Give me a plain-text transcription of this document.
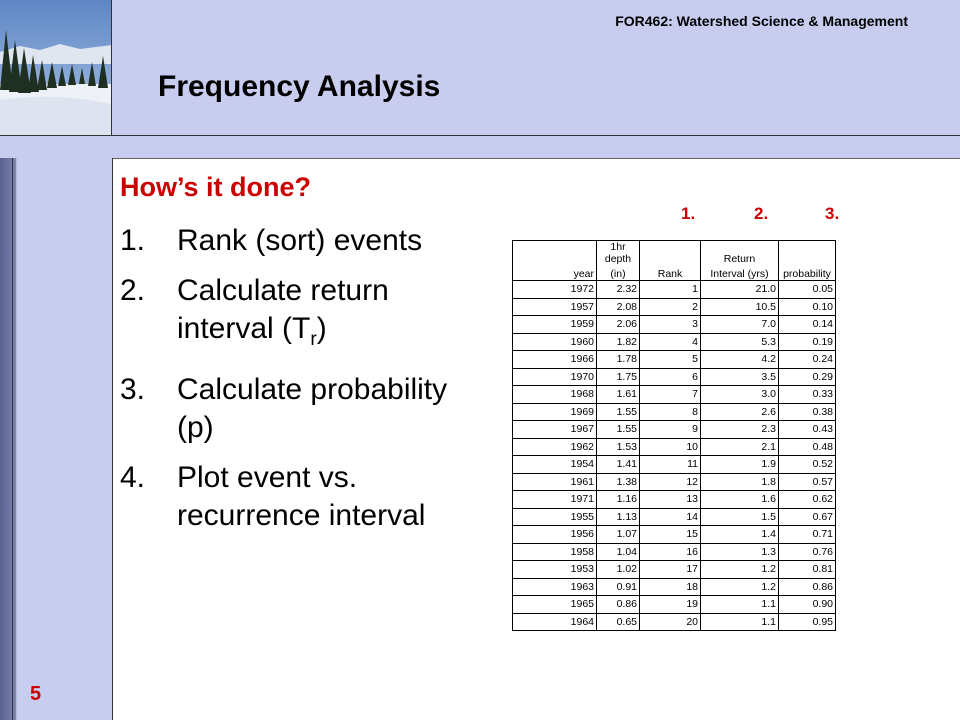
FOR462: Watershed Science & Management
Frequency Analysis
5
How’s it done?
1.	Rank (sort) events
2.	Calculate return interval $(T_r)$
3.	Calculate probability (p)
4.	Plot event vs. recurrence interval
1.	2.	3.
	1hr depth		Return	
year	(in)	Rank	Interval (yrs)	probability
1972	2.32	1	21.0	0.05
1957	2.08	2	10.5	0.10
1959	2.06	3	7.0	0.14
1960	1.82	4	5.3	0.19
1966	1.78	5	4.2	0.24
1970	1.75	6	3.5	0.29
1968	1.61	7	3.0	0.33
1969	1.55	8	2.6	0.38
1967	1.55	9	2.3	0.43
1962	1.53	10	2.1	0.48
1954	1.41	11	1.9	0.52
1961	1.38	12	1.8	0.57
1971	1.16	13	1.6	0.62
1955	1.13	14	1.5	0.67
1956	1.07	15	1.4	0.71
1958	1.04	16	1.3	0.76
1953	1.02	17	1.2	0.81
1963	0.91	18	1.2	0.86
1965	0.86	19	1.1	0.90
1964	0.65	20	1.1	0.95
